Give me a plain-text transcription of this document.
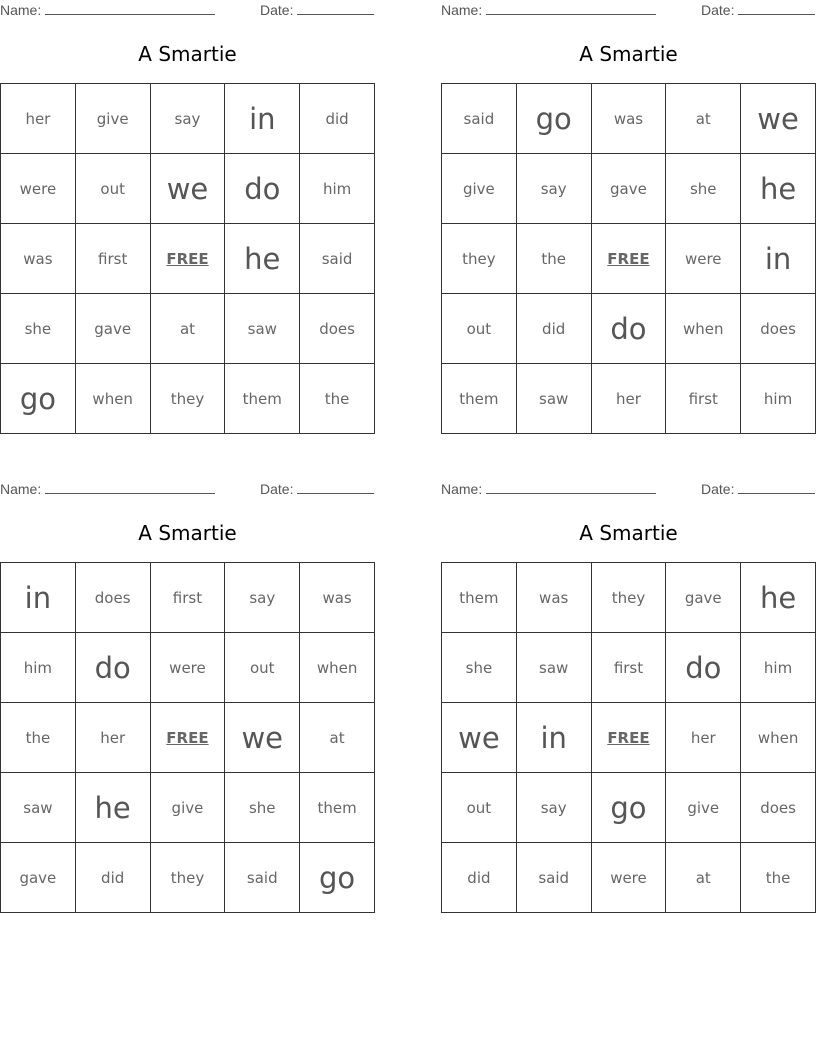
Name:	Date:
A Smartie
her	give	say	in	did
were	out	we	do	him
was	first	FREE	he	said
she	gave	at	saw	does
go	when	they	them	the
Name:	Date:
A Smartie
said	go	was	at	we
give	say	gave	she	he
they	the	FREE	were	in
out	did	do	when	does
them	saw	her	first	him
Name:	Date:
A Smartie
in	does	first	say	was
him	do	were	out	when
the	her	FREE	we	at
saw	he	give	she	them
gave	did	they	said	go
Name:	Date:
A Smartie
them	was	they	gave	he
she	saw	first	do	him
we	in	FREE	her	when
out	say	go	give	does
did	said	were	at	the
